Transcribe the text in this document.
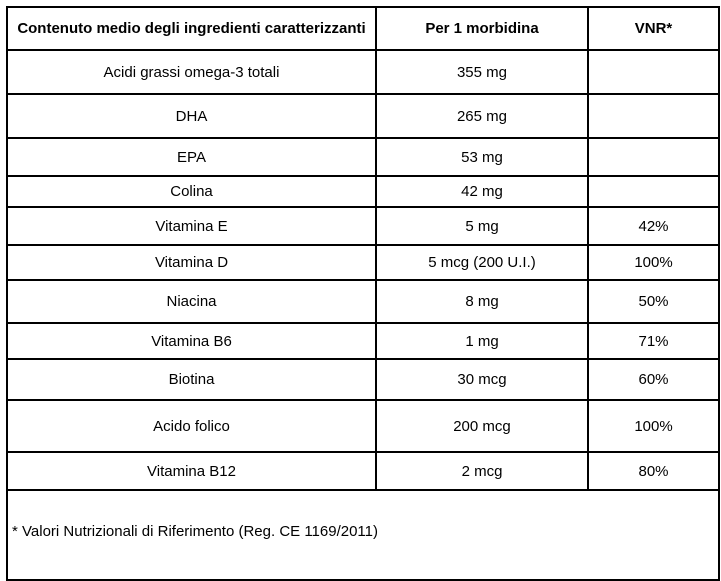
Contenuto medio degli ingredienti caratterizzanti	Per 1 morbidina	VNR*
Acidi grassi omega-3 totali	355 mg	
DHA	265 mg	
EPA	53 mg	
Colina	42 mg	
Vitamina E	5 mg	42%
Vitamina D	5 mcg (200 U.I.)	100%
Niacina	8 mg	50%
Vitamina B6	1 mg	71%
Biotina	30 mcg	60%
Acido folico	200 mcg	100%
Vitamina B12	2 mcg	80%
* Valori Nutrizionali di Riferimento (Reg. CE 1169/2011)		
